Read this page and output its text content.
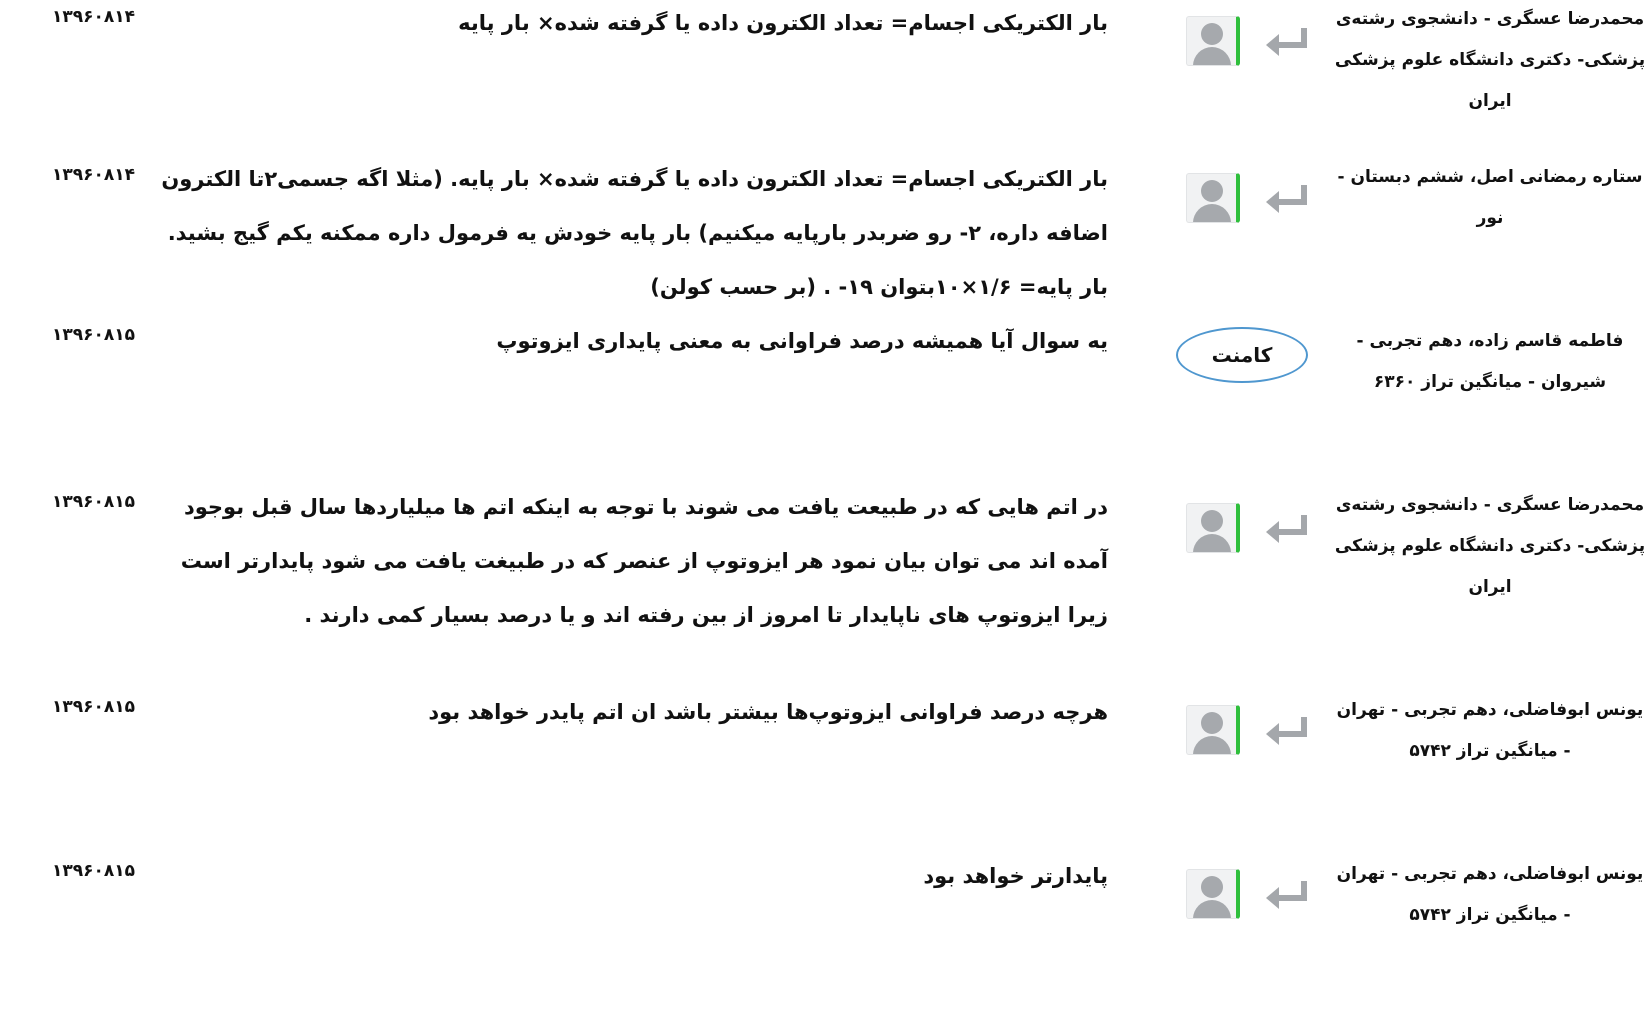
محمدرضا عسگری - دانشجوی رشته‌ی پزشکی- دکتری دانشگاه علوم پزشکی ایران
بار الکتریکی اجسام= تعداد الکترون داده یا گرفته شده× بار پایه
۱۳۹۶۰۸۱۴
ستاره رمضانی اصل، ششم دبستان - نور
بار الکتریکی اجسام= تعداد الکترون داده یا گرفته شده× بار پایه. (مثلا اگه جسمی۲تا الکترون اضافه داره، ۲- رو ضربدر بارپایه میکنیم) بار پایه خودش یه فرمول داره ممکنه یکم گیج بشید. بار پایه= ۱/۶×۱۰بتوان ۱۹- . (بر حسب کولن)
۱۳۹۶۰۸۱۴
فاطمه قاسم زاده، دهم تجربی - شیروان - میانگین تراز ۶۳۶۰
کامنت
یه سوال آیا همیشه درصد فراوانی به معنی پایداری ایزوتوپ
۱۳۹۶۰۸۱۵
محمدرضا عسگری - دانشجوی رشته‌ی پزشکی- دکتری دانشگاه علوم پزشکی ایران
در اتم هایی که در طبیعت یافت می شوند با توجه به اینکه اتم ها میلیاردها سال قبل بوجود آمده اند می توان بیان نمود هر ایزوتوپ از عنصر که در طبیغت یافت می شود پایدارتر است زیرا ایزوتوپ های ناپایدار تا امروز از بین رفته اند و یا درصد بسیار کمی دارند .
۱۳۹۶۰۸۱۵
یونس ابوفاضلی، دهم تجربی - تهران - میانگین تراز ۵۷۴۲
هرچه درصد فراوانی ایزوتوپ‌ها بیشتر باشد ان اتم پایدر خواهد بود
۱۳۹۶۰۸۱۵
یونس ابوفاضلی، دهم تجربی - تهران - میانگین تراز ۵۷۴۲
پایدارتر خواهد بود
۱۳۹۶۰۸۱۵
